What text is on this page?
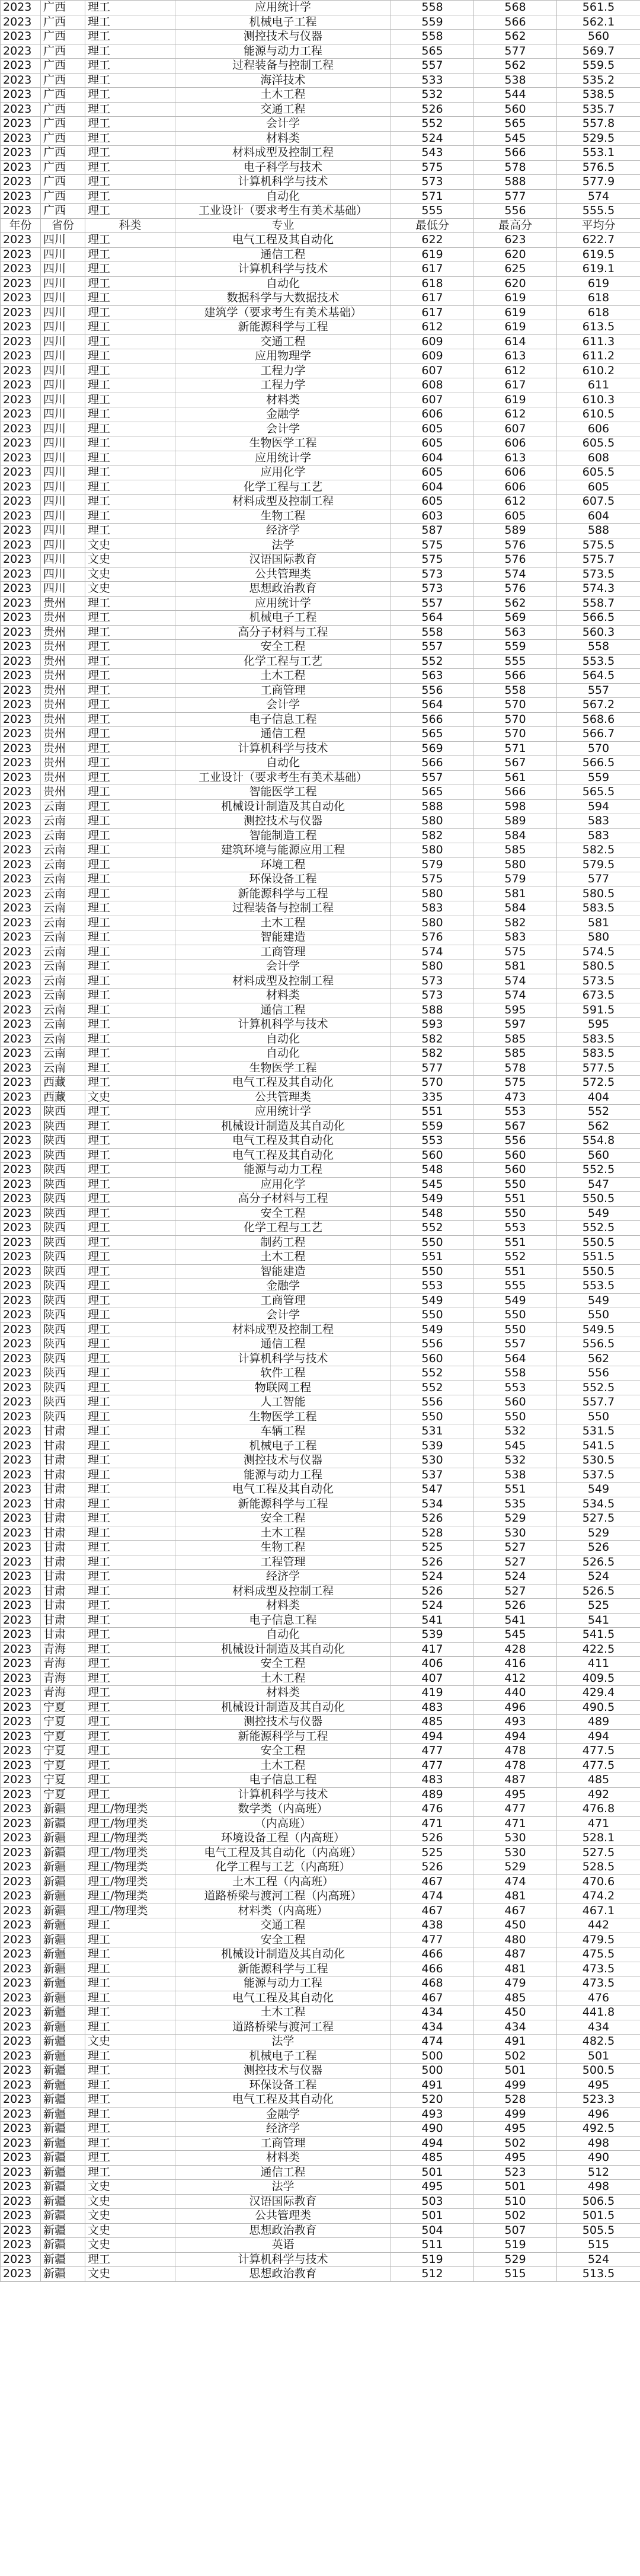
2023	广西	理工	应用统计学	558	568	561.5
2023	广西	理工	机械电子工程	559	566	562.1
2023	广西	理工	测控技术与仪器	558	562	560
2023	广西	理工	能源与动力工程	565	577	569.7
2023	广西	理工	过程装备与控制工程	557	562	559.5
2023	广西	理工	海洋技术	533	538	535.2
2023	广西	理工	土木工程	532	544	538.5
2023	广西	理工	交通工程	526	560	535.7
2023	广西	理工	会计学	552	565	557.8
2023	广西	理工	材料类	524	545	529.5
2023	广西	理工	材料成型及控制工程	543	566	553.1
2023	广西	理工	电子科学与技术	575	578	576.5
2023	广西	理工	计算机科学与技术	573	588	577.9
2023	广西	理工	自动化	571	577	574
2023	广西	理工	工业设计（要求考生有美术基础）	555	556	555.5
年份	省份	科类	专业	最低分	最高分	平均分
2023	四川	理工	电气工程及其自动化	622	623	622.7
2023	四川	理工	通信工程	619	620	619.5
2023	四川	理工	计算机科学与技术	617	625	619.1
2023	四川	理工	自动化	618	620	619
2023	四川	理工	数据科学与大数据技术	617	619	618
2023	四川	理工	建筑学（要求考生有美术基础）	617	619	618
2023	四川	理工	新能源科学与工程	612	619	613.5
2023	四川	理工	交通工程	609	614	611.3
2023	四川	理工	应用物理学	609	613	611.2
2023	四川	理工	工程力学	607	612	610.2
2023	四川	理工	工程力学	608	617	611
2023	四川	理工	材料类	607	619	610.3
2023	四川	理工	金融学	606	612	610.5
2023	四川	理工	会计学	605	607	606
2023	四川	理工	生物医学工程	605	606	605.5
2023	四川	理工	应用统计学	604	613	608
2023	四川	理工	应用化学	605	606	605.5
2023	四川	理工	化学工程与工艺	604	606	605
2023	四川	理工	材料成型及控制工程	605	612	607.5
2023	四川	理工	生物工程	603	605	604
2023	四川	理工	经济学	587	589	588
2023	四川	文史	法学	575	576	575.5
2023	四川	文史	汉语国际教育	575	576	575.7
2023	四川	文史	公共管理类	573	574	573.5
2023	四川	文史	思想政治教育	573	576	574.3
2023	贵州	理工	应用统计学	557	562	558.7
2023	贵州	理工	机械电子工程	564	569	566.5
2023	贵州	理工	高分子材料与工程	558	563	560.3
2023	贵州	理工	安全工程	557	559	558
2023	贵州	理工	化学工程与工艺	552	555	553.5
2023	贵州	理工	土木工程	563	566	564.5
2023	贵州	理工	工商管理	556	558	557
2023	贵州	理工	会计学	564	570	567.2
2023	贵州	理工	电子信息工程	566	570	568.6
2023	贵州	理工	通信工程	565	570	566.7
2023	贵州	理工	计算机科学与技术	569	571	570
2023	贵州	理工	自动化	566	567	566.5
2023	贵州	理工	工业设计（要求考生有美术基础）	557	561	559
2023	贵州	理工	智能医学工程	565	566	565.5
2023	云南	理工	机械设计制造及其自动化	588	598	594
2023	云南	理工	测控技术与仪器	580	589	583
2023	云南	理工	智能制造工程	582	584	583
2023	云南	理工	建筑环境与能源应用工程	580	585	582.5
2023	云南	理工	环境工程	579	580	579.5
2023	云南	理工	环保设备工程	575	579	577
2023	云南	理工	新能源科学与工程	580	581	580.5
2023	云南	理工	过程装备与控制工程	583	584	583.5
2023	云南	理工	土木工程	580	582	581
2023	云南	理工	智能建造	576	583	580
2023	云南	理工	工商管理	574	575	574.5
2023	云南	理工	会计学	580	581	580.5
2023	云南	理工	材料成型及控制工程	573	574	573.5
2023	云南	理工	材料类	573	574	673.5
2023	云南	理工	通信工程	588	595	591.5
2023	云南	理工	计算机科学与技术	593	597	595
2023	云南	理工	自动化	582	585	583.5
2023	云南	理工	自动化	582	585	583.5
2023	云南	理工	生物医学工程	577	578	577.5
2023	西藏	理工	电气工程及其自动化	570	575	572.5
2023	西藏	文史	公共管理类	335	473	404
2023	陕西	理工	应用统计学	551	553	552
2023	陕西	理工	机械设计制造及其自动化	559	567	562
2023	陕西	理工	电气工程及其自动化	553	556	554.8
2023	陕西	理工	电气工程及其自动化	560	560	560
2023	陕西	理工	能源与动力工程	548	560	552.5
2023	陕西	理工	应用化学	545	550	547
2023	陕西	理工	高分子材料与工程	549	551	550.5
2023	陕西	理工	安全工程	548	550	549
2023	陕西	理工	化学工程与工艺	552	553	552.5
2023	陕西	理工	制药工程	550	551	550.5
2023	陕西	理工	土木工程	551	552	551.5
2023	陕西	理工	智能建造	550	551	550.5
2023	陕西	理工	金融学	553	555	553.5
2023	陕西	理工	工商管理	549	549	549
2023	陕西	理工	会计学	550	550	550
2023	陕西	理工	材料成型及控制工程	549	550	549.5
2023	陕西	理工	通信工程	556	557	556.5
2023	陕西	理工	计算机科学与技术	560	564	562
2023	陕西	理工	软件工程	552	558	556
2023	陕西	理工	物联网工程	552	553	552.5
2023	陕西	理工	人工智能	556	560	557.7
2023	陕西	理工	生物医学工程	550	550	550
2023	甘肃	理工	车辆工程	531	532	531.5
2023	甘肃	理工	机械电子工程	539	545	541.5
2023	甘肃	理工	测控技术与仪器	530	532	530.5
2023	甘肃	理工	能源与动力工程	537	538	537.5
2023	甘肃	理工	电气工程及其自动化	547	551	549
2023	甘肃	理工	新能源科学与工程	534	535	534.5
2023	甘肃	理工	安全工程	526	529	527.5
2023	甘肃	理工	土木工程	528	530	529
2023	甘肃	理工	生物工程	525	527	526
2023	甘肃	理工	工程管理	526	527	526.5
2023	甘肃	理工	经济学	524	524	524
2023	甘肃	理工	材料成型及控制工程	526	527	526.5
2023	甘肃	理工	材料类	524	526	525
2023	甘肃	理工	电子信息工程	541	541	541
2023	甘肃	理工	自动化	539	545	541.5
2023	青海	理工	机械设计制造及其自动化	417	428	422.5
2023	青海	理工	安全工程	406	416	411
2023	青海	理工	土木工程	407	412	409.5
2023	青海	理工	材料类	419	440	429.4
2023	宁夏	理工	机械设计制造及其自动化	483	496	490.5
2023	宁夏	理工	测控技术与仪器	485	493	489
2023	宁夏	理工	新能源科学与工程	494	494	494
2023	宁夏	理工	安全工程	477	478	477.5
2023	宁夏	理工	土木工程	477	478	477.5
2023	宁夏	理工	电子信息工程	483	487	485
2023	宁夏	理工	计算机科学与技术	489	495	492
2023	新疆	理工/物理类	数学类（内高班）	476	477	476.8
2023	新疆	理工/物理类	（内高班）	471	471	471
2023	新疆	理工/物理类	环境设备工程（内高班）	526	530	528.1
2023	新疆	理工/物理类	电气工程及其自动化（内高班）	525	530	527.5
2023	新疆	理工/物理类	化学工程与工艺（内高班）	526	529	528.5
2023	新疆	理工/物理类	土木工程（内高班）	467	474	470.6
2023	新疆	理工/物理类	道路桥梁与渡河工程（内高班）	474	481	474.2
2023	新疆	理工/物理类	材料类（内高班）	467	467	467.1
2023	新疆	理工	交通工程	438	450	442
2023	新疆	理工	安全工程	477	480	479.5
2023	新疆	理工	机械设计制造及其自动化	466	487	475.5
2023	新疆	理工	新能源科学与工程	466	481	473.5
2023	新疆	理工	能源与动力工程	468	479	473.5
2023	新疆	理工	电气工程及其自动化	467	485	476
2023	新疆	理工	土木工程	434	450	441.8
2023	新疆	理工	道路桥梁与渡河工程	434	434	434
2023	新疆	文史	法学	474	491	482.5
2023	新疆	理工	机械电子工程	500	502	501
2023	新疆	理工	测控技术与仪器	500	501	500.5
2023	新疆	理工	环保设备工程	491	499	495
2023	新疆	理工	电气工程及其自动化	520	528	523.3
2023	新疆	理工	金融学	493	499	496
2023	新疆	理工	经济学	490	495	492.5
2023	新疆	理工	工商管理	494	502	498
2023	新疆	理工	材料类	485	495	490
2023	新疆	理工	通信工程	501	523	512
2023	新疆	文史	法学	495	501	498
2023	新疆	文史	汉语国际教育	503	510	506.5
2023	新疆	文史	公共管理类	501	502	501.5
2023	新疆	文史	思想政治教育	504	507	505.5
2023	新疆	文史	英语	511	519	515
2023	新疆	理工	计算机科学与技术	519	529	524
2023	新疆	文史	思想政治教育	512	515	513.5
